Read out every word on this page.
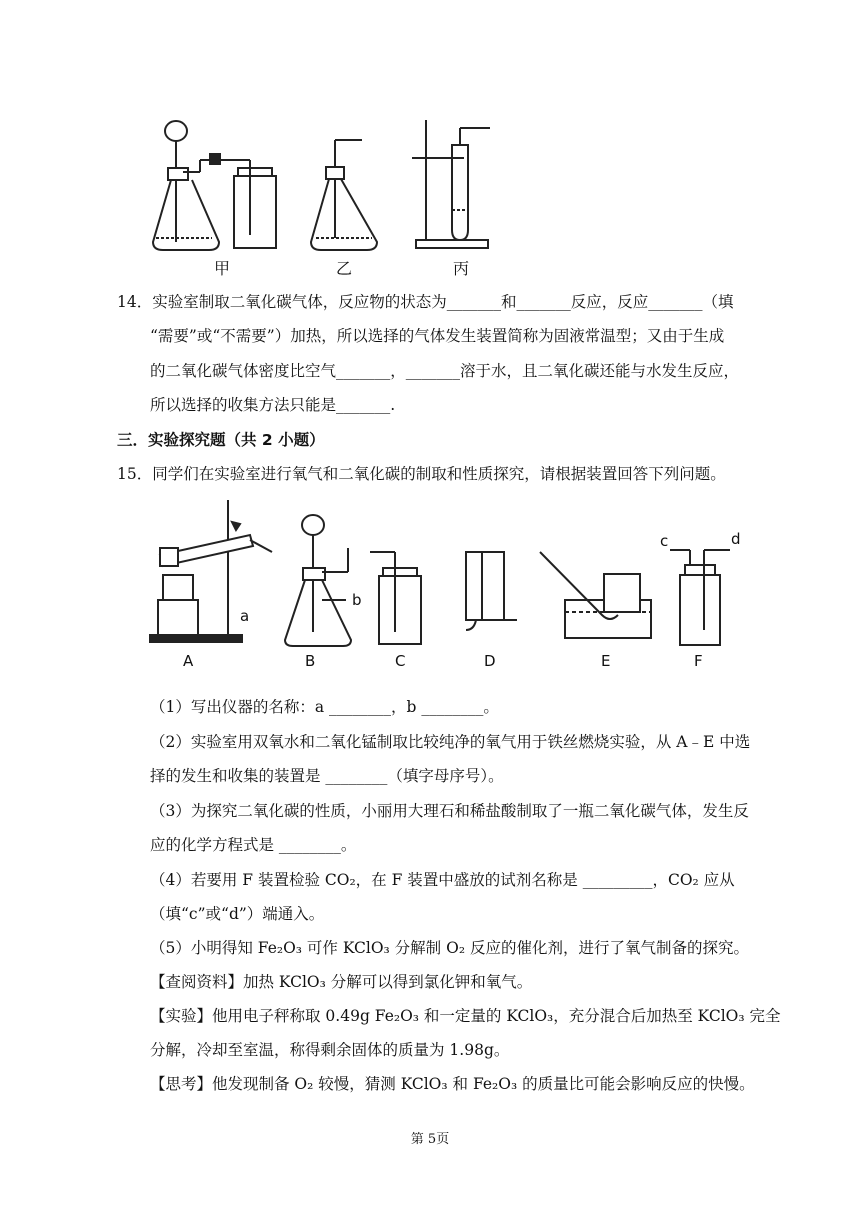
甲	乙	丙
14．实验室制取二氧化碳气体，反应物的状态为_______和_______反应，反应_______（填
“需要”或“不需要”）加热，所以选择的气体发生装置简称为固液常温型；又由于生成
的二氧化碳气体密度比空气_______，_______溶于水，且二氧化碳还能与水发生反应，
所以选择的收集方法只能是_______.
三．实验探究题（共 2 小题）
15．同学们在实验室进行氧气和二氧化碳的制取和性质探究，请根据装置回答下列问题。
A	B	C	D	E	F
a
b
c	d
（1）写出仪器的名称：a ________，b ________。
（2）实验室用双氧水和二氧化锰制取比较纯净的氧气用于铁丝燃烧实验，从 A﹣E 中选
择的发生和收集的装置是 ________（填字母序号）。
（3）为探究二氧化碳的性质，小丽用大理石和稀盐酸制取了一瓶二氧化碳气体，发生反
应的化学方程式是 ________。
（4）若要用 F 装置检验 CO₂，在 F 装置中盛放的试剂名称是 _________，CO₂ 应从
（填“c”或“d”）端通入。
（5）小明得知 Fe₂O₃ 可作 KClO₃ 分解制 O₂ 反应的催化剂，进行了氧气制备的探究。
【查阅资料】加热 KClO₃ 分解可以得到氯化钾和氧气。
【实验】他用电子秤称取 0.49g Fe₂O₃ 和一定量的 KClO₃，充分混合后加热至 KClO₃ 完全
分解，冷却至室温，称得剩余固体的质量为 1.98g。
【思考】他发现制备 O₂ 较慢，猜测 KClO₃ 和 Fe₂O₃ 的质量比可能会影响反应的快慢。
第 5页
